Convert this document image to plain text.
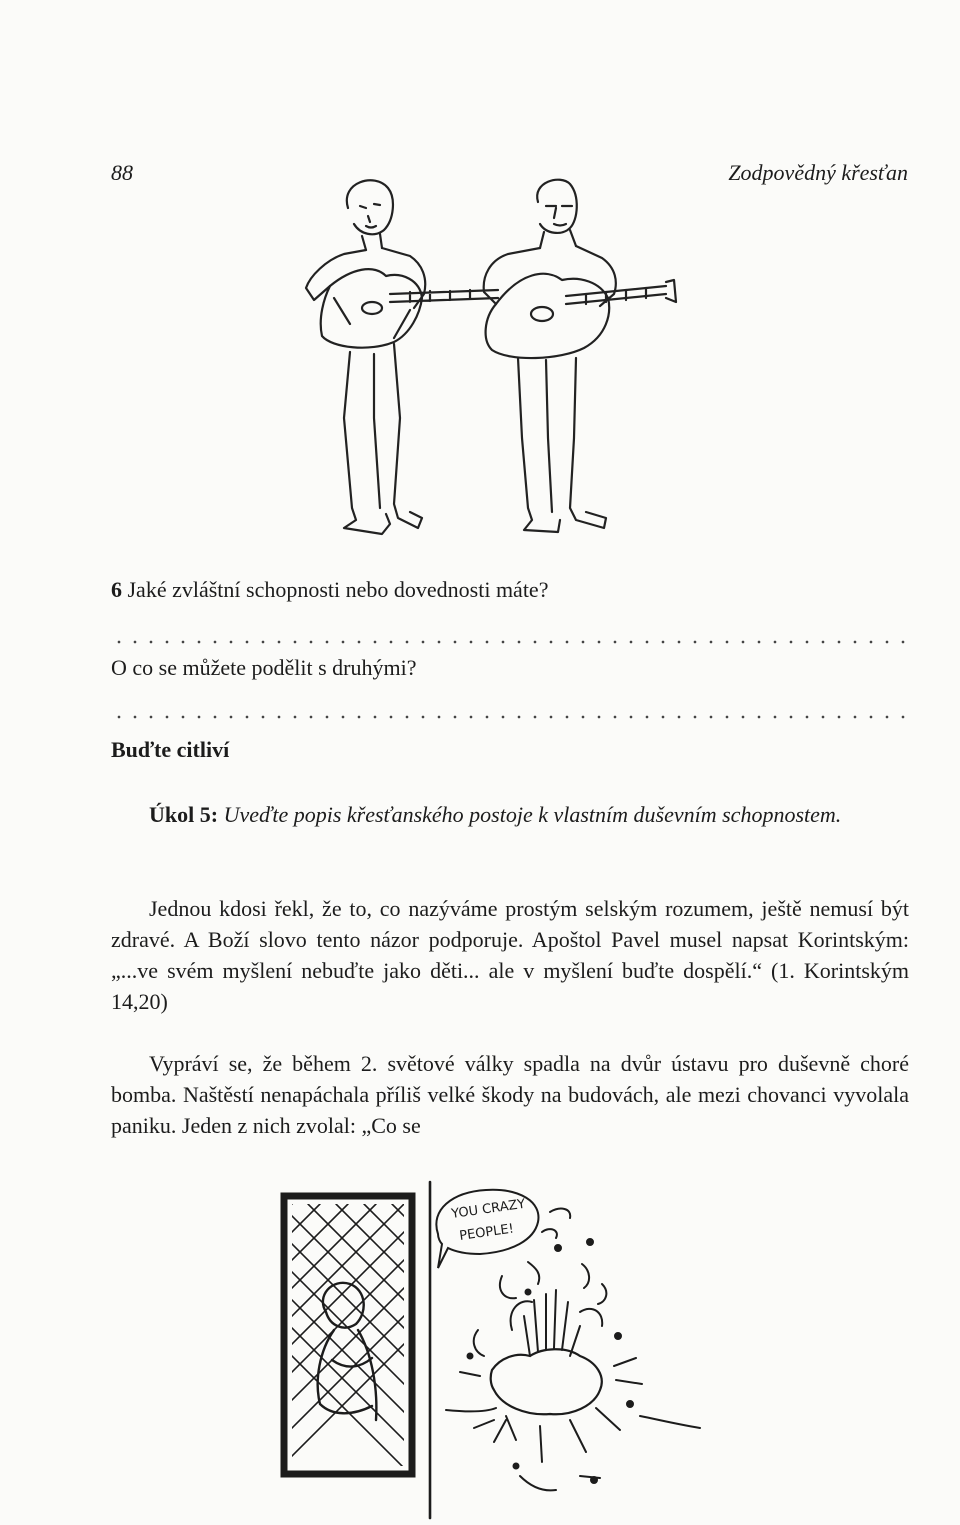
88	Zodpovědný křesťan
6 Jaké zvláštní schopnosti nebo dovednosti máte?
O co se můžete podělit s druhými?
Buďte citliví
Úkol 5: Uveďte popis křesťanského postoje k vlastním duševním schopnostem.
Jednou kdosi řekl, že to, co nazýváme prostým selským rozumem, ještě nemusí být zdravé. A Boží slovo tento názor podporuje. Apoštol Pavel musel napsat Korintským: „...ve svém myšlení nebuďte jako děti... ale v myšlení buďte dospělí.“ (1. Korintským 14,20)
Vypráví se, že během 2. světové války spadla na dvůr ústavu pro duševně choré bomba. Naštěstí nenapáchala příliš velké škody na budovách, ale mezi chovanci vyvolala paniku. Jeden z nich zvolal: „Co se
YOU CRAZY
PEOPLE!
